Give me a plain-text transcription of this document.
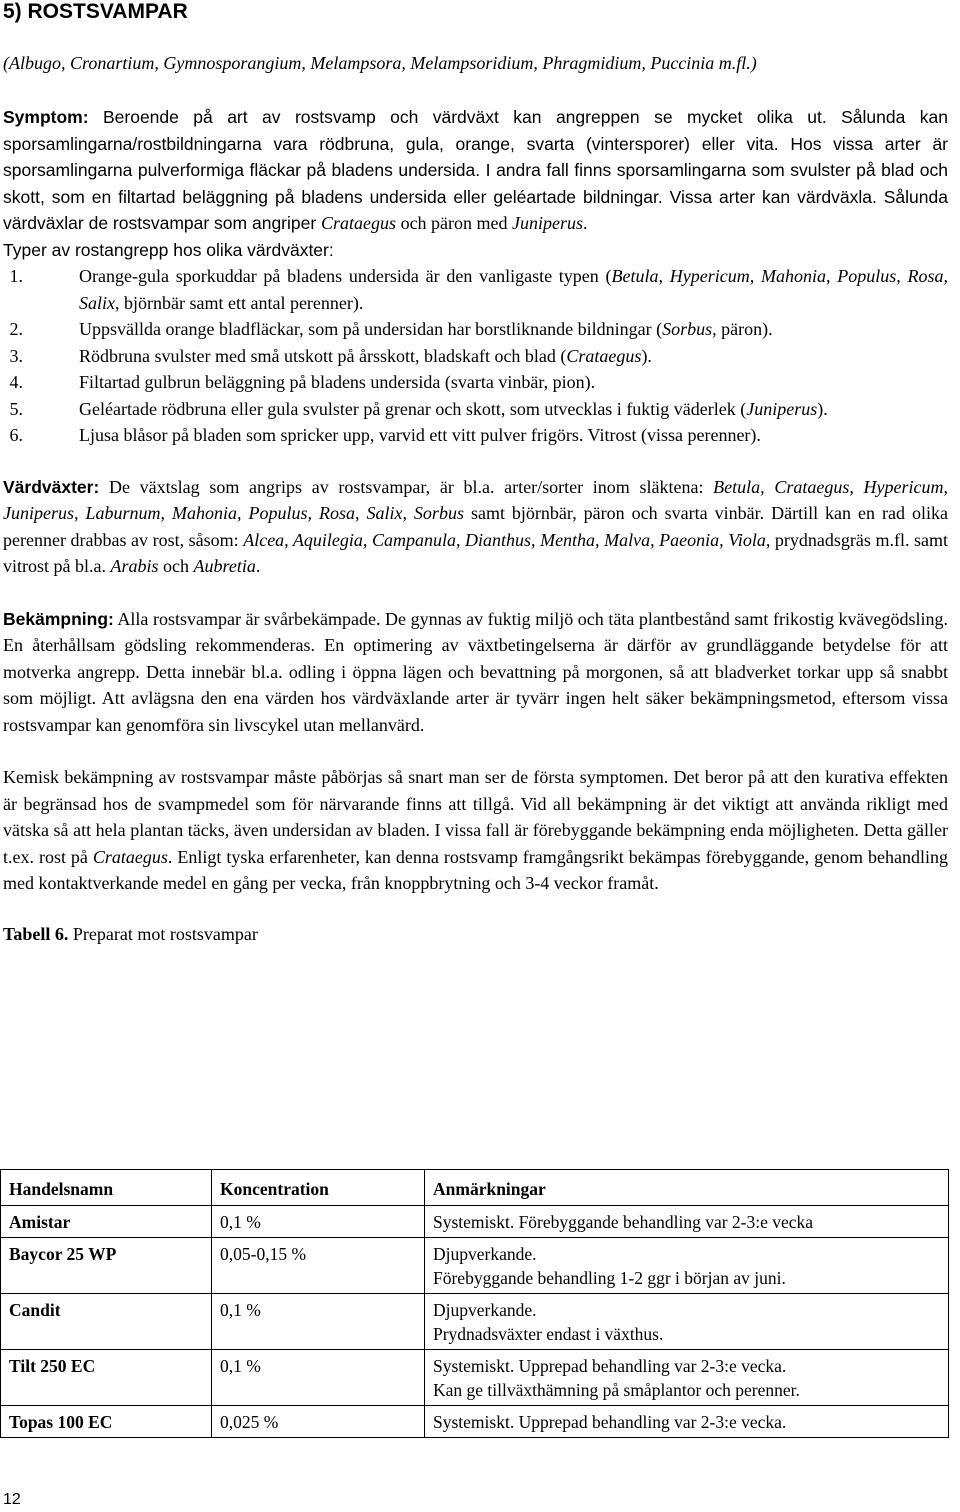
5) ROSTSVAMPAR
(Albugo, Cronartium, Gymnosporangium, Melampsora, Melampsoridium, Phragmidium, Puccinia m.fl.)
Symptom: Beroende på art av rostsvamp och värdväxt kan angreppen se mycket olika ut. Sålunda kan sporsamlingarna/rostbildningarna vara rödbruna, gula, orange, svarta (vintersporer) eller vita. Hos vissa arter är sporsamlingarna pulverformiga fläckar på bladens undersida. I andra fall finns sporsamlingarna som svulster på blad och skott, som en filtartad beläggning på bladens undersida eller geléartade bildningar. Vissa arter kan värdväxla. Sålunda värdväxlar de rostsvampar som angriper Crataegus och päron med Juniperus.
Typer av rostangrepp hos olika värdväxter:
Orange-gula sporkuddar på bladens undersida är den vanligaste typen (Betula, Hypericum, Mahonia, Populus, Rosa, Salix, björnbär samt ett antal perenner).
Uppsvällda orange bladfläckar, som på undersidan har borstliknande bildningar (Sorbus, päron).
Rödbruna svulster med små utskott på årsskott, bladskaft och blad (Crataegus).
Filtartad gulbrun beläggning på bladens undersida (svarta vinbär, pion).
Geléartade rödbruna eller gula svulster på grenar och skott, som utvecklas i fuktig väderlek (Juniperus).
Ljusa blåsor på bladen som spricker upp, varvid ett vitt pulver frigörs. Vitrost (vissa perenner).
Värdväxter: De växtslag som angrips av rostsvampar, är bl.a. arter/sorter inom släktena: Betula, Crataegus, Hypericum, Juniperus, Laburnum, Mahonia, Populus, Rosa, Salix, Sorbus samt björnbär, päron och svarta vinbär. Därtill kan en rad olika perenner drabbas av rost, såsom: Alcea, Aquilegia, Campanula, Dianthus, Mentha, Malva, Paeonia, Viola, prydnadsgräs m.fl. samt vitrost på bl.a. Arabis och Aubretia.
Bekämpning: Alla rostsvampar är svårbekämpade. De gynnas av fuktig miljö och täta plantbestånd samt frikostig kvävegödsling. En återhållsam gödsling rekommenderas. En optimering av växtbetingelserna är därför av grundläggande betydelse för att motverka angrepp. Detta innebär bl.a. odling i öppna lägen och bevattning på morgonen, så att bladverket torkar upp så snabbt som möjligt. Att avlägsna den ena värden hos värdväxlande arter är tyvärr ingen helt säker bekämpningsmetod, eftersom vissa rostsvampar kan genomföra sin livscykel utan mellanvärd.
Kemisk bekämpning av rostsvampar måste påbörjas så snart man ser de första symptomen. Det beror på att den kurativa effekten är begränsad hos de svampmedel som för närvarande finns att tillgå. Vid all bekämpning är det viktigt att använda rikligt med vätska så att hela plantan täcks, även undersidan av bladen. I vissa fall är förebyggande bekämpning enda möjligheten. Detta gäller t.ex. rost på Crataegus. Enligt tyska erfarenheter, kan denna rostsvamp framgångsrikt bekämpas förebyggande, genom behandling med kontaktverkande medel en gång per vecka, från knoppbrytning och 3-4 veckor framåt.
Tabell 6. Preparat mot rostsvampar
Handelsnamn	Koncentration	Anmärkningar
Amistar	0,1 %	Systemiskt. Förebyggande behandling var 2-3:e vecka

Baycor 25 WP	0,05-0,15 %	Djupverkande.
Förebyggande behandling 1-2 ggr i början av juni.

Candit	0,1 %	Djupverkande.
Prydnadsväxter endast i växthus.

Tilt 250 EC	0,1 %	Systemiskt. Upprepad behandling var 2-3:e vecka.
Kan ge tillväxthämning på småplantor och perenner.

Topas 100 EC	0,025 %	Systemiskt. Upprepad behandling var 2-3:e vecka.
12
